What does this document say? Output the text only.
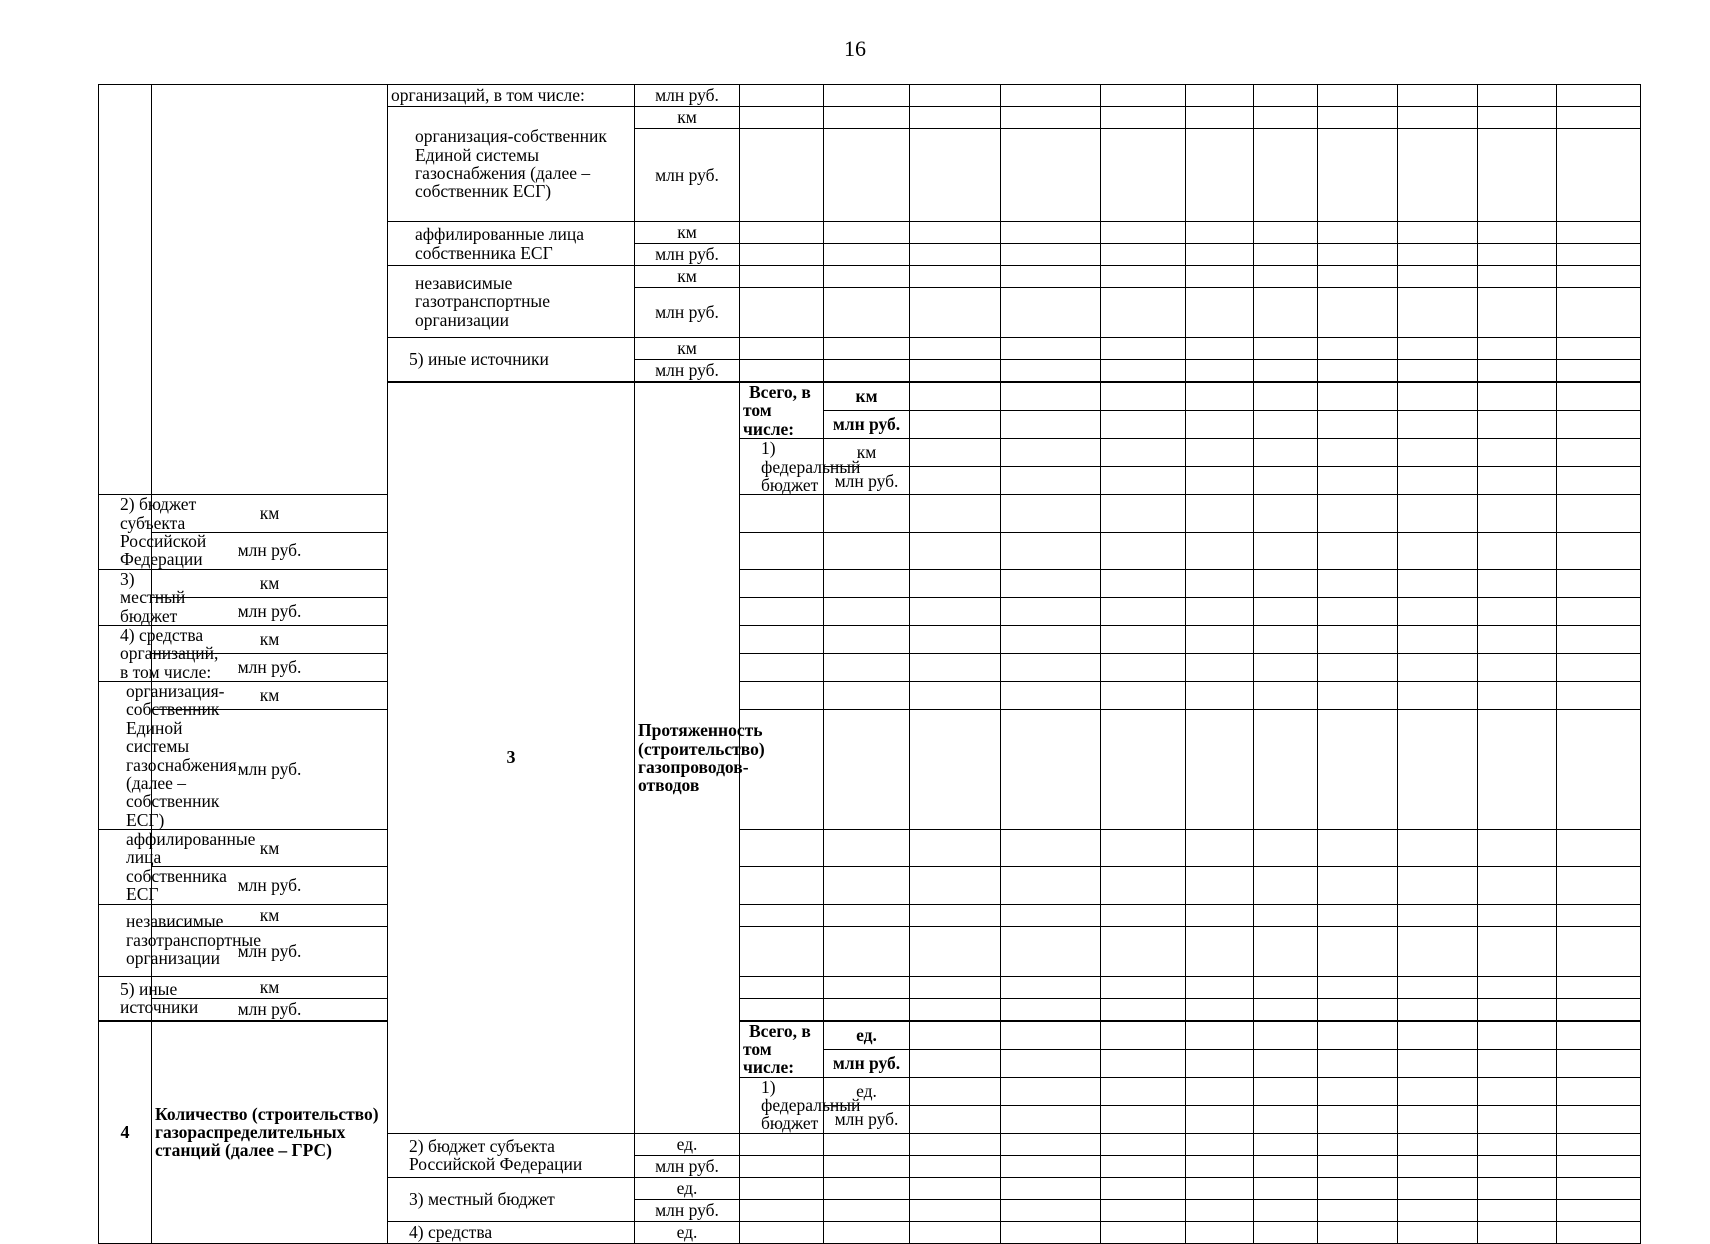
16
		организаций, в том числе:	млн руб.												
		организация-собственник Единой системы газоснабжения (далее – собственник ЕСГ)	км												
			млн руб.												
		аффилированные лица собственника ЕСГ	км												
			млн руб.												
		независимые газотранспортные организации	км												
			млн руб.												
		5) иные источники	км												
			млн руб.												
		3	Протяженность (строительство) газопроводов-отводов	Всего, в том числе:	км											
					млн руб.											
				1) федеральный бюджет	км											
					млн руб.											
2) бюджет субъекта Российской Федерации	км														
	млн руб.														
3) местный бюджет	км														
	млн руб.														
4) средства организаций, в том числе:	км														
	млн руб.														
организация-собственник Единой системы газоснабжения (далее – собственник ЕСГ)	км														
	млн руб.														
аффилированные лица собственника ЕСГ	км														
	млн руб.														
независимые газотранспортные организации	км														
	млн руб.														
5) иные источники	км														
	млн руб.														
4	Количество (строительство) газораспределительных станций (далее – ГРС)			Всего, в том числе:	ед.											
					млн руб.											
				1) федеральный бюджет	ед.											
					млн руб.											
		2) бюджет субъекта Российской Федерации	ед.												
			млн руб.												
		3) местный бюджет	ед.												
			млн руб.												
		4) средства	ед.												
